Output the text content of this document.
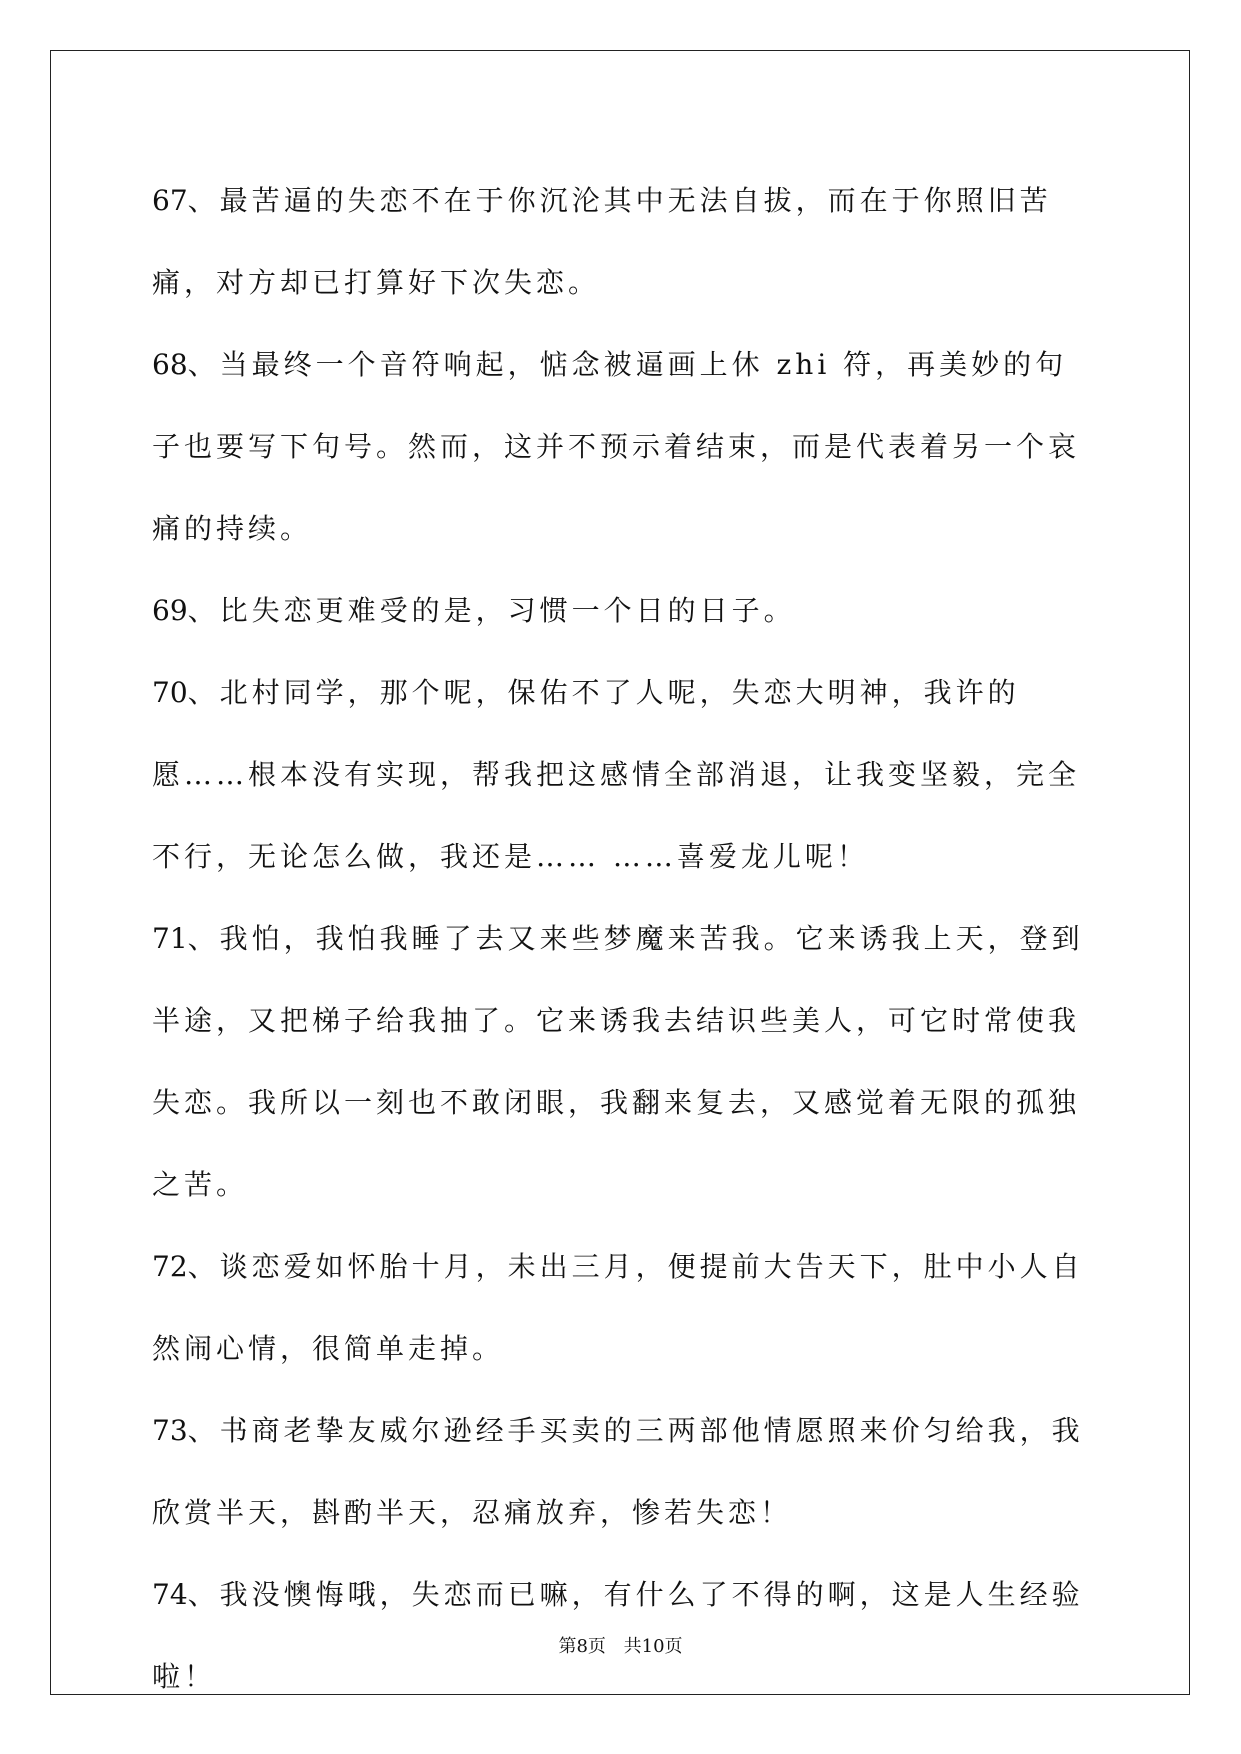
67、最苦逼的失恋不在于你沉沦其中无法自拔，而在于你照旧苦痛，对方却已打算好下次失恋。

68、当最终一个音符响起，惦念被逼画上休 zhi 符，再美妙的句子也要写下句号。然而，这并不预示着结束，而是代表着另一个哀痛的持续。

69、比失恋更难受的是，习惯一个日的日子。

70、北村同学，那个呢，保佑不了人呢，失恋大明神，我许的愿……根本没有实现，帮我把这感情全部消退，让我变坚毅，完全不行，无论怎么做，我还是…… ……喜爱龙儿呢！

71、我怕，我怕我睡了去又来些梦魔来苦我。它来诱我上天，登到半途，又把梯子给我抽了。它来诱我去结识些美人，可它时常使我失恋。我所以一刻也不敢闭眼，我翻来复去，又感觉着无限的孤独之苦。

72、谈恋爱如怀胎十月，未出三月，便提前大告天下，肚中小人自然闹心情，很简单走掉。

73、书商老挚友威尔逊经手买卖的三两部他情愿照来价匀给我，我欣赏半天，斟酌半天，忍痛放弃，惨若失恋！

74、我没懊悔哦，失恋而已嘛，有什么了不得的啊，这是人生经验啦！

第8页 共10页
